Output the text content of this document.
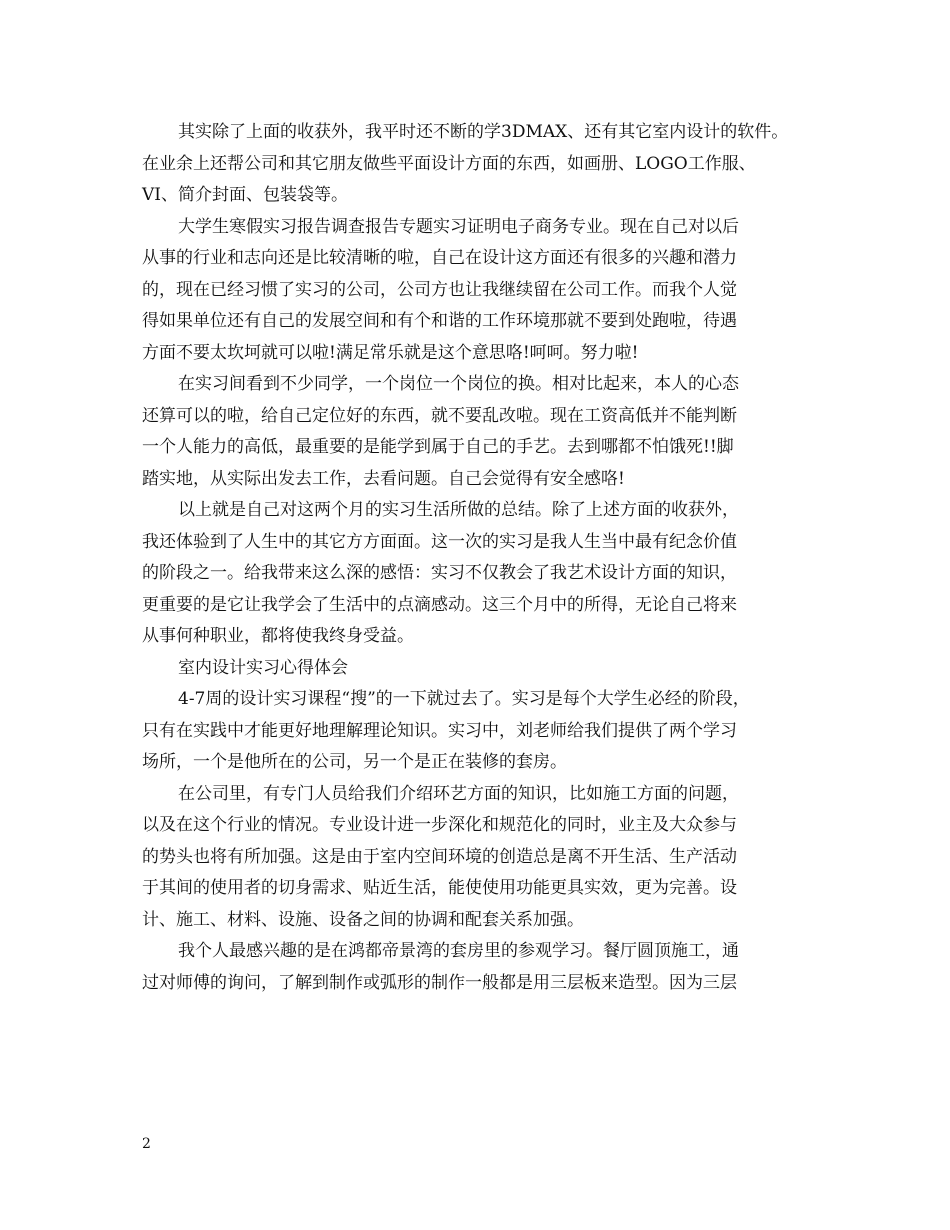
其实除了上面的收获外，我平时还不断的学3DMAX、还有其它室内设计的软件。
在业余上还帮公司和其它朋友做些平面设计方面的东西，如画册、LOGO工作服、
VI、简介封面、包装袋等。
大学生寒假实习报告调查报告专题实习证明电子商务专业。现在自己对以后
从事的行业和志向还是比较清晰的啦，自己在设计这方面还有很多的兴趣和潜力
的，现在已经习惯了实习的公司，公司方也让我继续留在公司工作。而我个人觉
得如果单位还有自己的发展空间和有个和谐的工作环境那就不要到处跑啦，待遇
方面不要太坎坷就可以啦!满足常乐就是这个意思咯!呵呵。努力啦!
在实习间看到不少同学，一个岗位一个岗位的换。相对比起来，本人的心态
还算可以的啦，给自己定位好的东西，就不要乱改啦。现在工资高低并不能判断
一个人能力的高低，最重要的是能学到属于自己的手艺。去到哪都不怕饿死!!脚
踏实地，从实际出发去工作，去看问题。自己会觉得有安全感咯!
以上就是自己对这两个月的实习生活所做的总结。除了上述方面的收获外，
我还体验到了人生中的其它方方面面。这一次的实习是我人生当中最有纪念价值
的阶段之一。给我带来这么深的感悟：实习不仅教会了我艺术设计方面的知识，
更重要的是它让我学会了生活中的点滴感动。这三个月中的所得，无论自己将来
从事何种职业，都将使我终身受益。
室内设计实习心得体会
4-7周的设计实习课程“搜”的一下就过去了。实习是每个大学生必经的阶段，
只有在实践中才能更好地理解理论知识。实习中，刘老师给我们提供了两个学习
场所，一个是他所在的公司，另一个是正在装修的套房。
在公司里，有专门人员给我们介绍环艺方面的知识，比如施工方面的问题，
以及在这个行业的情况。专业设计进一步深化和规范化的同时，业主及大众参与
的势头也将有所加强。这是由于室内空间环境的创造总是离不开生活、生产活动
于其间的使用者的切身需求、贴近生活，能使使用功能更具实效，更为完善。设
计、施工、材料、设施、设备之间的协调和配套关系加强。
我个人最感兴趣的是在鸿都帝景湾的套房里的参观学习。餐厅圆顶施工，通
过对师傅的询问，了解到制作或弧形的制作一般都是用三层板来造型。因为三层
2
